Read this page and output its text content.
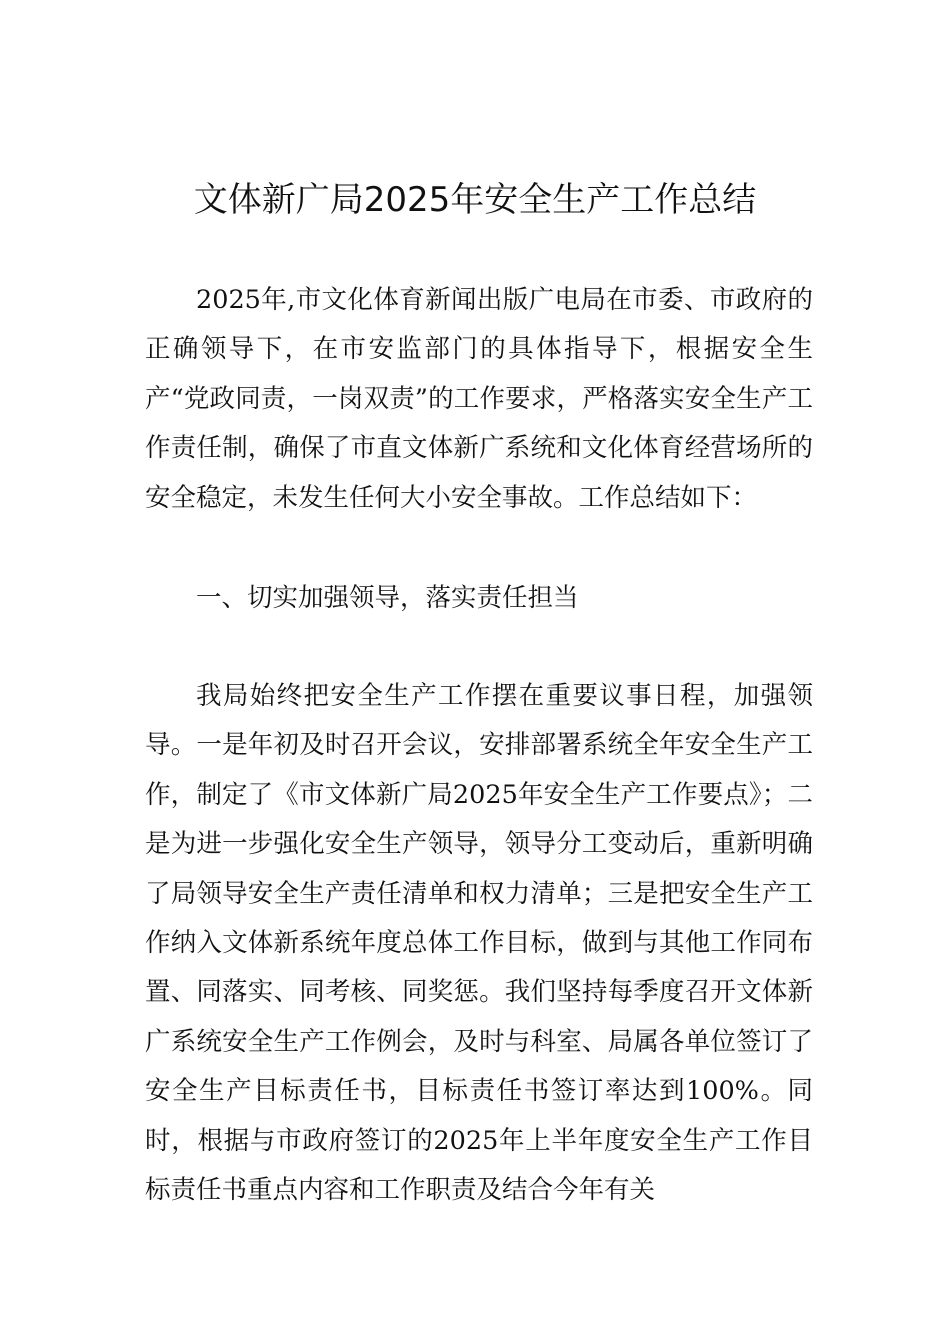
文体新广局2025年安全生产工作总结

2025年,市文化体育新闻出版广电局在市委、市政府的正确领导下，在市安监部门的具体指导下，根据安全生产“党政同责，一岗双责”的工作要求，严格落实安全生产工作责任制，确保了市直文体新广系统和文化体育经营场所的安全稳定，未发生任何大小安全事故。工作总结如下：

一、切实加强领导，落实责任担当

我局始终把安全生产工作摆在重要议事日程，加强领导。一是年初及时召开会议，安排部署系统全年安全生产工作，制定了《市文体新广局2025年安全生产工作要点》；二是为进一步强化安全生产领导，领导分工变动后，重新明确了局领导安全生产责任清单和权力清单；三是把安全生产工作纳入文体新系统年度总体工作目标，做到与其他工作同布置、同落实、同考核、同奖惩。我们坚持每季度召开文体新广系统安全生产工作例会，及时与科室、局属各单位签订了安全生产目标责任书，目标责任书签订率达到100%。同时，根据与市政府签订的2025年上半年度安全生产工作目标责任书重点内容和工作职责及结合今年有关
